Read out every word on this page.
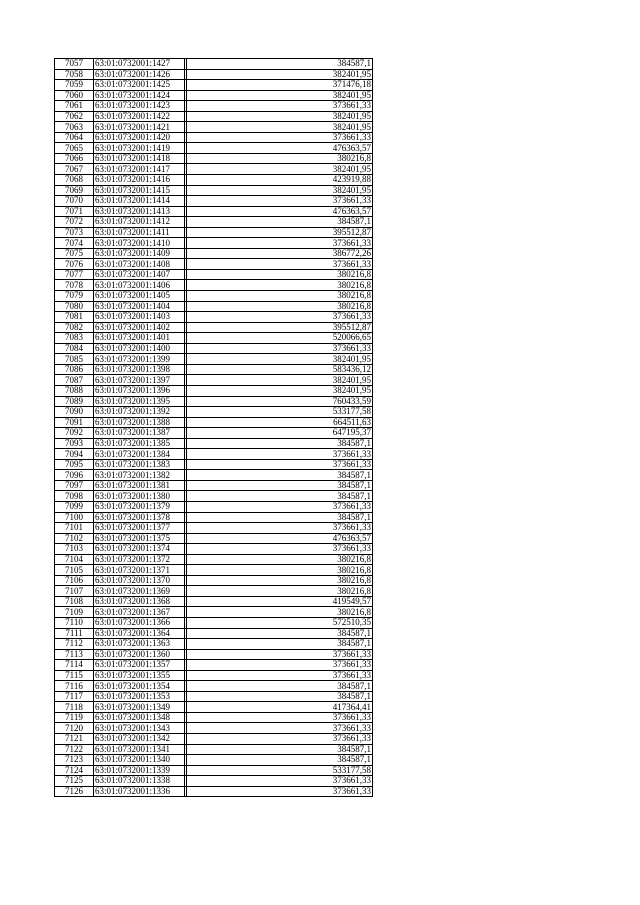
7057	63:01:0732001:1427		384587,1
7058	63:01:0732001:1426		382401,95
7059	63:01:0732001:1425		371476,18
7060	63:01:0732001:1424		382401,95
7061	63:01:0732001:1423		373661,33
7062	63:01:0732001:1422		382401,95
7063	63:01:0732001:1421		382401,95
7064	63:01:0732001:1420		373661,33
7065	63:01:0732001:1419		476363,57
7066	63:01:0732001:1418		380216,8
7067	63:01:0732001:1417		382401,95
7068	63:01:0732001:1416		423919,88
7069	63:01:0732001:1415		382401,95
7070	63:01:0732001:1414		373661,33
7071	63:01:0732001:1413		476363,57
7072	63:01:0732001:1412		384587,1
7073	63:01:0732001:1411		395512,87
7074	63:01:0732001:1410		373661,33
7075	63:01:0732001:1409		386772,26
7076	63:01:0732001:1408		373661,33
7077	63:01:0732001:1407		380216,8
7078	63:01:0732001:1406		380216,8
7079	63:01:0732001:1405		380216,8
7080	63:01:0732001:1404		380216,8
7081	63:01:0732001:1403		373661,33
7082	63:01:0732001:1402		395512,87
7083	63:01:0732001:1401		520066,65
7084	63:01:0732001:1400		373661,33
7085	63:01:0732001:1399		382401,95
7086	63:01:0732001:1398		583436,12
7087	63:01:0732001:1397		382401,95
7088	63:01:0732001:1396		382401,95
7089	63:01:0732001:1395		760433,59
7090	63:01:0732001:1392		533177,58
7091	63:01:0732001:1388		664511,63
7092	63:01:0732001:1387		647195,37
7093	63:01:0732001:1385		384587,1
7094	63:01:0732001:1384		373661,33
7095	63:01:0732001:1383		373661,33
7096	63:01:0732001:1382		384587,1
7097	63:01:0732001:1381		384587,1
7098	63:01:0732001:1380		384587,1
7099	63:01:0732001:1379		373661,33
7100	63:01:0732001:1378		384587,1
7101	63:01:0732001:1377		373661,33
7102	63:01:0732001:1375		476363,57
7103	63:01:0732001:1374		373661,33
7104	63:01:0732001:1372		380216,8
7105	63:01:0732001:1371		380216,8
7106	63:01:0732001:1370		380216,8
7107	63:01:0732001:1369		380216,8
7108	63:01:0732001:1368		419549,57
7109	63:01:0732001:1367		380216,8
7110	63:01:0732001:1366		572510,35
7111	63:01:0732001:1364		384587,1
7112	63:01:0732001:1363		384587,1
7113	63:01:0732001:1360		373661,33
7114	63:01:0732001:1357		373661,33
7115	63:01:0732001:1355		373661,33
7116	63:01:0732001:1354		384587,1
7117	63:01:0732001:1353		384587,1
7118	63:01:0732001:1349		417364,41
7119	63:01:0732001:1348		373661,33
7120	63:01:0732001:1343		373661,33
7121	63:01:0732001:1342		373661,33
7122	63:01:0732001:1341		384587,1
7123	63:01:0732001:1340		384587,1
7124	63:01:0732001:1339		533177,58
7125	63:01:0732001:1338		373661,33
7126	63:01:0732001:1336		373661,33
